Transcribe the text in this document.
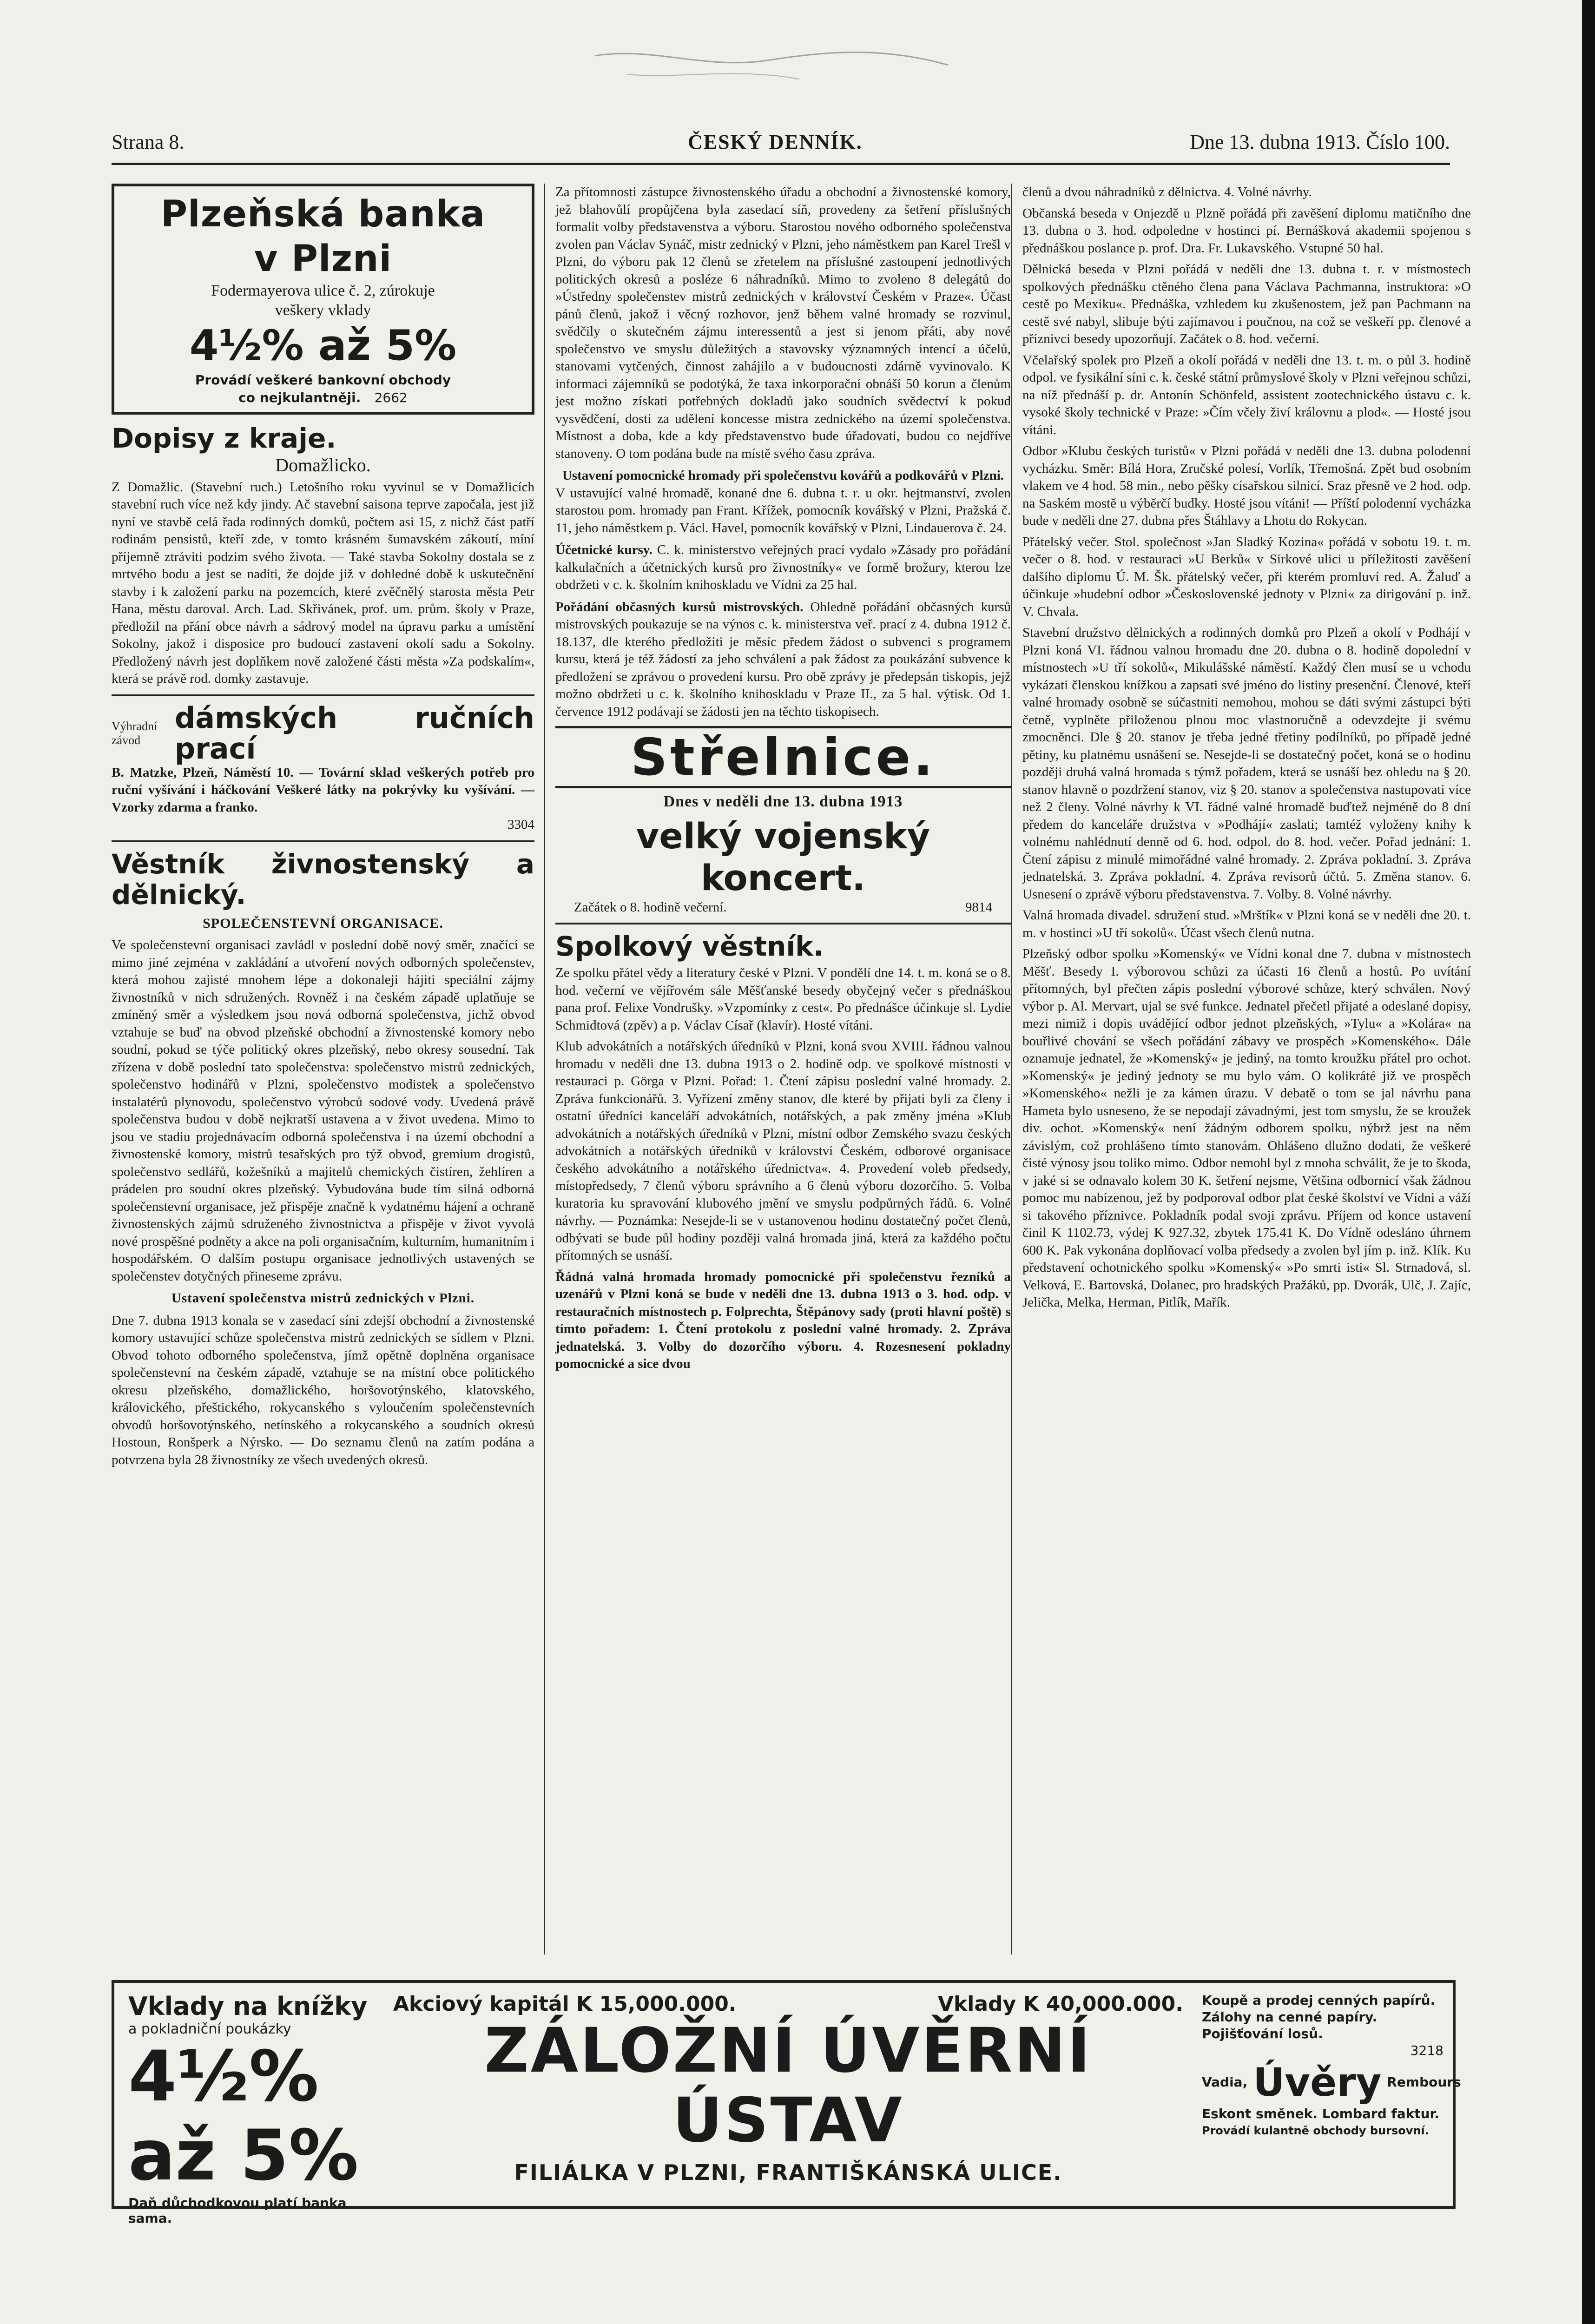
Strana 8.	ČESKÝ DENNÍK.	Dne 13. dubna 1913. Číslo 100.
Plzeňská banka
v Plzni
Fodermayerova ulice č. 2, zúrokuje
veškery vklady
4½% až 5%
Provádí veškeré bankovní obchody
co nejkulantněji. 2662
Dopisy z kraje.
Domažlicko.

Z Domažlic. (Stavební ruch.) Letošního roku vyvinul se v Domažlicích stavební ruch více než kdy jindy. Ač stavební saisona teprve započala, jest již nyní ve stavbě celá řada rodinných domků, počtem asi 15, z nichž část patří rodinám pensistů, kteří zde, v tomto krásném šumavském zákoutí, míní příjemně ztráviti podzim svého života. — Také stavba Sokolny dostala se z mrtvého bodu a jest se naditi, že dojde již v dohledné době k uskutečnění stavby i k založení parku na pozemcích, které zvěčnělý starosta města Petr Hana, městu daroval. Arch. Lad. Skřivánek, prof. um. prům. školy v Praze, předložil na přání obce návrh a sádrový model na úpravu parku a umístění Sokolny, jakož i disposice pro budoucí zastavení okolí sadu a Sokolny. Předložený návrh jest doplňkem nově založené části města »Za podskalím«, která se právě rod. domky zastavuje.

Výhradní závod
dámských ručních prací

B. Matzke, Plzeň, Náměstí 10. — Tovární sklad veškerých potřeb pro ruční vyšívání i háčkování Veškeré látky na pokrývky ku vyšívání. — Vzorky zdarma a franko.

3304
Věstník živnostenský a dělnický.
SPOLEČENSTEVNÍ ORGANISACE.

Ve společenstevní organisaci zavládl v poslední době nový směr, značící se mimo jiné zejména v zakládání a utvoření nových odborných společenstev, která mohou zajisté mnohem lépe a dokonaleji hájiti speciální zájmy živnostníků v nich sdružených. Rovněž i na českém západě uplatňuje se zmíněný směr a výsledkem jsou nová odborná společenstva, jichž obvod vztahuje se buď na obvod plzeňské obchodní a živnostenské komory nebo soudní, pokud se týče politický okres plzeňský, nebo okresy sousední. Tak zřízena v době poslední tato společenstva: společenstvo mistrů zednických, společenstvo hodinářů v Plzni, společenstvo modistek a společenstvo instalatérů plynovodu, společenstvo výrobců sodové vody. Uvedená právě společenstva budou v době nejkratší ustavena a v život uvedena. Mimo to jsou ve stadiu projednávacím odborná společenstva i na území obchodní a živnostenské komory, mistrů tesařských pro týž obvod, gremium drogistů, společenstvo sedlářů, kožešníků a majitelů chemických čistíren, žehlíren a prádelen pro soudní okres plzeňský. Vybudována bude tím silná odborná společenstevní organisace, jež přispěje značně k vydatnému hájení a ochraně živnostenských zájmů sdruženého živnostnictva a přispěje v život vyvolá nové prospěšné podněty a akce na poli organisačním, kulturním, humanitním i hospodářském. O dalším postupu organisace jednotlivých ustavených se společenstev dotyčných přineseme zprávu.

Ustavení společenstva mistrů zednických v Plzni.

Dne 7. dubna 1913 konala se v zasedací síni zdejší obchodní a živnostenské komory ustavující schůze společenstva mistrů zednických se sídlem v Plzni. Obvod tohoto odborného společenstva, jímž opětně doplněna organisace společenstevní na českém západě, vztahuje se na místní obce politického okresu plzeňského, domažlického, horšovotýnského, klatovského, královického, přeštického, rokycanského s vyloučením společenstevních obvodů horšovotýnského, netínského a rokycanského a soudních okresů Hostoun, Ronšperk a Nýrsko. — Do seznamu členů na zatím podána a potvrzena byla 28 živnostníky ze všech uvedených okresů.

Za přítomnosti zástupce živnostenského úřadu a obchodní a živnostenské komory, jež blahovůlí propůjčena byla zasedací síň, provedeny za šetření příslušných formalit volby představenstva a výboru. Starostou nového odborného společenstva zvolen pan Václav Synáč, mistr zednický v Plzni, jeho náměstkem pan Karel Trešl v Plzni, do výboru pak 12 členů se zřetelem na příslušné zastoupení jednotlivých politických okresů a posléze 6 náhradníků. Mimo to zvoleno 8 delegátů do »Ústředny společenstev mistrů zednických v království Českém v Praze«. Účast pánů členů, jakož i věcný rozhovor, jenž během valné hromady se rozvinul, svědčily o skutečném zájmu interessentů a jest si jenom přáti, aby nové společenstvo ve smyslu důležitých a stavovsky významných intencí a účelů, stanovami vytčených, činnost zahájilo a v budoucnosti zdárně vyvinovalo. K informaci zájemníků se podotýká, že taxa inkorporační obnáší 50 korun a členům jest možno získati potřebných dokladů jako soudních svědectví k pokud vysvědčení, dosti za udělení koncesse mistra zednického na území společenstva. Místnost a doba, kde a kdy představenstvo bude úřadovati, budou co nejdříve stanoveny. O tom podána bude na místě svého času zpráva.

Ustavení pomocnické hromady při společenstvu kovářů a podkovářů v Plzni.

V ustavující valné hromadě, konané dne 6. dubna t. r. u okr. hejtmanství, zvolen starostou pom. hromady pan Frant. Křížek, pomocník kovářský v Plzni, Pražská č. 11, jeho náměstkem p. Václ. Havel, pomocník kovářský v Plzni, Lindauerova č. 24.

Účetnické kursy. C. k. ministerstvo veřejných prací vydalo »Zásady pro pořádání kalkulačních a účetnických kursů pro živnostníky« ve formě brožury, kterou lze obdržeti v c. k. školním knihoskladu ve Vídni za 25 hal.

Pořádání občasných kursů mistrovských. Ohledně pořádání občasných kursů mistrovských poukazuje se na výnos c. k. ministerstva veř. prací z 4. dubna 1912 č. 18.137, dle kterého předložiti je měsíc předem žádost o subvenci s programem kursu, která je též žádostí za jeho schválení a pak žádost za poukázání subvence k předložení se zprávou o provedení kursu. Pro obě zprávy je předepsán tiskopis, jejž možno obdržeti u c. k. školního knihoskladu v Praze II., za 5 hal. výtisk. Od 1. července 1912 podávají se žádosti jen na těchto tiskopisech.

Střelnice.
Dnes v neděli dne 13. dubna 1913
velký vojenský koncert.
Začátek o 8. hodině večerní.	9814
Spolkový věstník.

Ze spolku přátel vědy a literatury české v Plzni. V pondělí dne 14. t. m. koná se o 8. hod. večerní ve vějířovém sále Měšťanské besedy obyčejný večer s přednáškou pana prof. Felixe Vondrušky. »Vzpomínky z cest«. Po přednášce účinkuje sl. Lydie Schmidtová (zpěv) a p. Václav Císař (klavír). Hosté vítáni.

Klub advokátních a notářských úředníků v Plzni, koná svou XVIII. řádnou valnou hromadu v neděli dne 13. dubna 1913 o 2. hodině odp. ve spolkové místnosti v restauraci p. Görga v Plzni. Pořad: 1. Čtení zápisu poslední valné hromady. 2. Zpráva funkcionářů. 3. Vyřízení změny stanov, dle které by přijati byli za členy i ostatní úředníci kanceláří advokátních, notářských, a pak změny jména »Klub advokátních a notářských úředníků v Plzni, místní odbor Zemského svazu českých advokátních a notářských úředníků v království Českém, odborové organisace českého advokátního a notářského úřednictva«. 4. Provedení voleb předsedy, místopředsedy, 7 členů výboru správního a 6 členů výboru dozorčího. 5. Volba kuratoria ku spravování klubového jmění ve smyslu podpůrných řádů. 6. Volné návrhy. — Poznámka: Nesejde-li se v ustanovenou hodinu dostatečný počet členů, odbývati se bude půl hodiny později valná hromada jiná, která za každého počtu přítomných se usnáší.

Řádná valná hromada hromady pomocnické při společenstvu řezníků a uzenářů v Plzni koná se bude v neděli dne 13. dubna 1913 o 3. hod. odp. v restauračních místnostech p. Folprechta, Štěpánovy sady (proti hlavní poště) s tímto pořadem: 1. Čtení protokolu z poslední valné hromady. 2. Zpráva jednatelská. 3. Volby do dozorčího výboru. 4. Rozesnesení pokladny pomocnické a sice dvou

členů a dvou náhradníků z dělnictva. 4. Volné návrhy.

Občanská beseda v Onjezdě u Plzně pořádá při zavěšení diplomu matičního dne 13. dubna o 3. hod. odpoledne v hostinci pí. Bernášková akademii spojenou s přednáškou poslance p. prof. Dra. Fr. Lukavského. Vstupné 50 hal.

Dělnická beseda v Plzni pořádá v neděli dne 13. dubna t. r. v místnostech spolkových přednášku ctěného člena pana Václava Pachmanna, instruktora: »O cestě po Mexiku«. Přednáška, vzhledem ku zkušenostem, jež pan Pachmann na cestě své nabyl, slibuje býti zajímavou i poučnou, na což se veškeří pp. členové a příznivci besedy upozorňují. Začátek o 8. hod. večerní.

Včelařský spolek pro Plzeň a okolí pořádá v neděli dne 13. t. m. o půl 3. hodině odpol. ve fysikální síni c. k. české státní průmyslové školy v Plzni veřejnou schůzi, na níž přednáší p. dr. Antonín Schönfeld, assistent zootechnického ústavu c. k. vysoké školy technické v Praze: »Čím včely živí královnu a plod«. — Hosté jsou vítáni.

Odbor »Klubu českých turistů« v Plzni pořádá v neděli dne 13. dubna polodenní vycházku. Směr: Bílá Hora, Zručské polesí, Vorlík, Třemošná. Zpět bud osobním vlakem ve 4 hod. 58 min., nebo pěšky císařskou silnicí. Sraz přesně ve 2 hod. odp. na Saském mostě u výběrčí budky. Hosté jsou vítáni! — Příští polodenní vycházka bude v neděli dne 27. dubna přes Štáhlavy a Lhotu do Rokycan.

Přátelský večer. Stol. společnost »Jan Sladký Kozina« pořádá v sobotu 19. t. m. večer o 8. hod. v restauraci »U Berků« v Sirkové ulici u příležitosti zavěšení dalšího diplomu Ú. M. Šk. přátelský večer, při kterém promluví red. A. Žaluď a účinkuje »hudební odbor »Československé jednoty v Plzni« za dirigování p. inž. V. Chvala.

Stavební družstvo dělnických a rodinných domků pro Plzeň a okolí v Podhájí v Plzni koná VI. řádnou valnou hromadu dne 20. dubna o 8. hodině dopolední v místnostech »U tří sokolů«, Mikulášské náměstí. Každý člen musí se u vchodu vykázati členskou knížkou a zapsati své jméno do listiny presenční. Členové, kteří valné hromady osobně se súčastniti nemohou, mohou se dáti svými zástupci býti četně, vyplněte přiloženou plnou moc vlastnoručně a odevzdejte ji svému zmocněnci. Dle § 20. stanov je třeba jedné třetiny podílníků, po případě jedné pětiny, ku platnému usnášení se. Nesejde-li se dostatečný počet, koná se o hodinu později druhá valná hromada s týmž pořadem, která se usnáší bez ohledu na § 20. stanov hlavně o pozdržení stanov, viz § 20. stanov a společenstva nastupovati více než 2 členy. Volné návrhy k VI. řádné valné hromadě buďtež nejméně do 8 dní předem do kanceláře družstva v »Podhájí« zaslati; tamtéž vyloženy knihy k volnému nahlédnutí denně od 6. hod. odpol. do 8. hod. večer. Pořad jednání: 1. Čtení zápisu z minulé mimořádné valné hromady. 2. Zpráva pokladní. 3. Zpráva jednatelská. 3. Zpráva pokladní. 4. Zpráva revisorů účtů. 5. Změna stanov. 6. Usnesení o zprávě výboru představenstva. 7. Volby. 8. Volné návrhy.

Valná hromada divadel. sdružení stud. »Mrštík« v Plzni koná se v neděli dne 20. t. m. v hostinci »U tří sokolů«. Účast všech členů nutna.

Plzeňský odbor spolku »Komenský« ve Vídni konal dne 7. dubna v místnostech Měšť. Besedy I. výborovou schůzi za účasti 16 členů a hostů. Po uvítání přítomných, byl přečten zápis poslední výborové schůze, který schválen. Nový výbor p. Al. Mervart, ujal se své funkce. Jednatel přečetl přijaté a odeslané dopisy, mezi nimiž i dopis uvádějící odbor jednot plzeňských, »Tylu« a »Kolára« na bouřlivé chování se všech pořádání zábavy ve prospěch »Komenského«. Dále oznamuje jednatel, že »Komenský« je jediný, na tomto kroužku přátel pro ochot. »Komenský« je jediný jednoty se mu bylo vám. O kolikráté již ve prospěch »Komenského« nežli je za kámen úrazu. V debatě o tom se jal návrhu pana Hameta bylo usneseno, že se nepodají závadnými, jest tom smyslu, že se kroužek div. ochot. »Komenský« není žádným odborem spolku, nýbrž jest na něm závislým, což prohlášeno tímto stanovám. Ohlášeno dlužno dodati, že veškeré čisté výnosy jsou toliko mimo. Odbor nemohl byl z mnoha schválit, že je to škoda, v jaké si se odnavalo kolem 30 K. šetření nejsme, Většina odbornicí však žádnou pomoc mu nabízenou, jež by podporoval odbor plat české školství ve Vídni a váží si takového příznivce. Pokladník podal svoji zprávu. Příjem od konce ustavení činil K 1102.73, výdej K 927.32, zbytek 175.41 K. Do Vídně odesláno úhrnem 600 K. Pak vykonána doplňovací volba předsedy a zvolen byl jím p. inž. Klík. Ku představení ochotnického spolku »Komenský« »Po smrti isti« Sl. Strnadová, sl. Velková, E. Bartovská, Dolanec, pro hradských Pražáků, pp. Dvorák, Ulč, J. Zajíc, Jelička, Melka, Herman, Pitlík, Mařík.

Vklady na knížky
a pokladniční poukázky
4½% až 5%
Daň důchodkovou platí banka sama.
Akciový kapitál K 15,000.000.	Vklady K 40,000.000.
ZÁLOŽNÍ ÚVĚRNÍ ÚSTAV
FILIÁLKA V PLZNI, FRANTIŠKÁNSKÁ ULICE.
Koupě a prodej cenných papírů. Zálohy na cenné papíry. Pojišťování losů.
3218
Vadia, Úvěry Rembours
Eskont směnek. Lombard faktur.
Provádí kulantně obchody bursovní.
